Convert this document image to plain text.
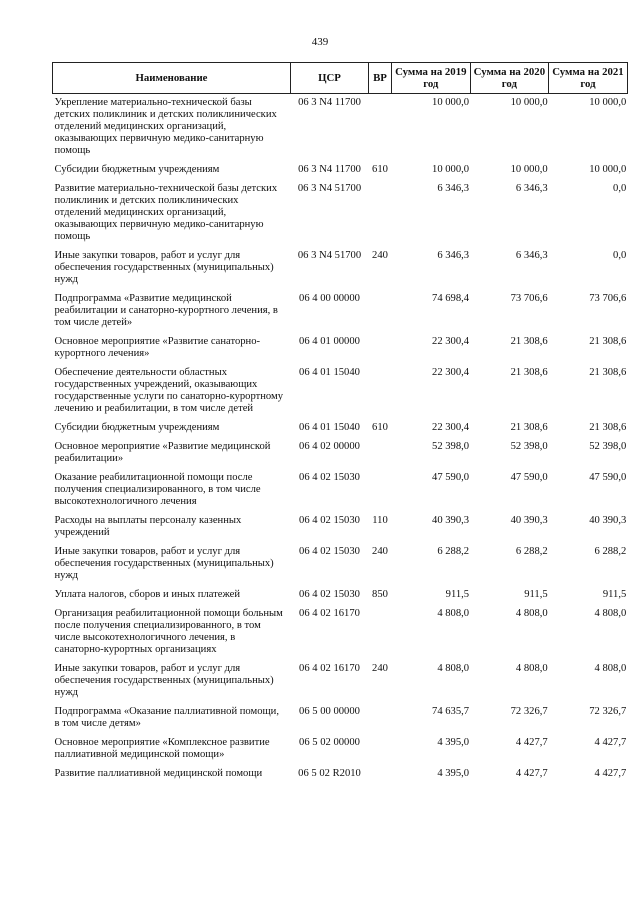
439
Наименование	ЦСР	ВР	Сумма на 2019 год	Сумма на 2020 год	Сумма на 2021 год
Укрепление материально-технической базы детских поликлиник и детских поликлинических отделений медицинских организаций, оказывающих первичную медико-санитарную помощь	06 3 N4 11700		10 000,0	10 000,0	10 000,0
Субсидии бюджетным учреждениям	06 3 N4 11700	610	10 000,0	10 000,0	10 000,0
Развитие материально-технической базы детских поликлиник и детских поликлинических отделений медицинских организаций, оказывающих первичную медико-санитарную помощь	06 3 N4 51700		6 346,3	6 346,3	0,0
Иные закупки товаров, работ и услуг для обеспечения государственных (муниципальных) нужд	06 3 N4 51700	240	6 346,3	6 346,3	0,0
Подпрограмма «Развитие медицинской реабилитации и санаторно-курортного лечения, в том числе детей»	06 4 00 00000		74 698,4	73 706,6	73 706,6
Основное мероприятие «Развитие санаторно-курортного лечения»	06 4 01 00000		22 300,4	21 308,6	21 308,6
Обеспечение деятельности областных государственных учреждений, оказывающих государственные услуги по санаторно-курортному лечению и реабилитации, в том числе детей	06 4 01 15040		22 300,4	21 308,6	21 308,6
Субсидии бюджетным учреждениям	06 4 01 15040	610	22 300,4	21 308,6	21 308,6
Основное мероприятие «Развитие медицинской реабилитации»	06 4 02 00000		52 398,0	52 398,0	52 398,0
Оказание реабилитационной помощи после получения специализированного, в том числе высокотехнологичного лечения	06 4 02 15030		47 590,0	47 590,0	47 590,0
Расходы на выплаты персоналу казенных учреждений	06 4 02 15030	110	40 390,3	40 390,3	40 390,3
Иные закупки товаров, работ и услуг для обеспечения государственных (муниципальных) нужд	06 4 02 15030	240	6 288,2	6 288,2	6 288,2
Уплата налогов, сборов и иных платежей	06 4 02 15030	850	911,5	911,5	911,5
Организация реабилитационной помощи больным после получения специализированного, в том числе высокотехнологичного лечения, в санаторно-курортных организациях	06 4 02 16170		4 808,0	4 808,0	4 808,0
Иные закупки товаров, работ и услуг для обеспечения государственных (муниципальных) нужд	06 4 02 16170	240	4 808,0	4 808,0	4 808,0
Подпрограмма «Оказание паллиативной помощи, в том числе детям»	06 5 00 00000		74 635,7	72 326,7	72 326,7
Основное мероприятие «Комплексное развитие паллиативной медицинской помощи»	06 5 02 00000		4 395,0	4 427,7	4 427,7
Развитие паллиативной медицинской помощи	06 5 02 R2010		4 395,0	4 427,7	4 427,7
